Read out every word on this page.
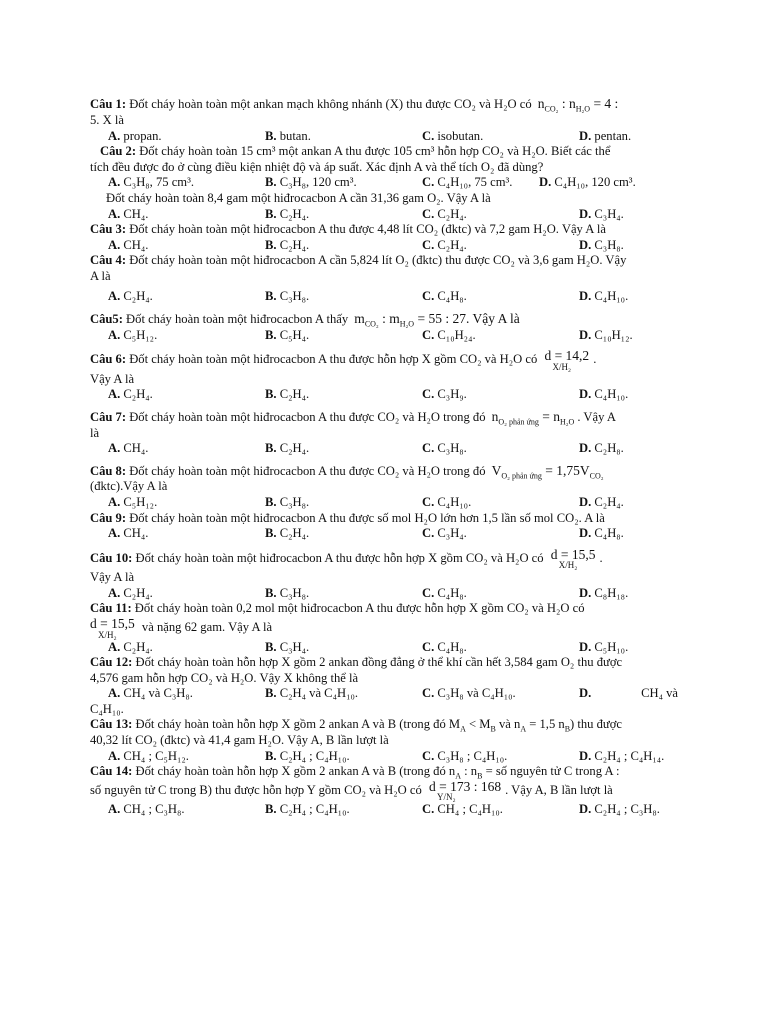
Câu 1: Đốt cháy hoàn toàn một ankan mạch không nhánh (X) thu được CO₂ và H₂O có $n_{CO_2}$ : $n_{H_2O} = 4$ :
5. X là
A. propan.	B. butan.	C. isobutan.	D. pentan.
Câu 2: Đốt cháy hoàn toàn 15 cm³ một ankan A thu được 105 cm³ hỗn hợp CO₂ và H₂O. Biết các thể
tích đều được đo ở cùng điều kiện nhiệt độ và áp suất. Xác định A và thể tích O₂ đã dùng?
A. C₃H₈, 75 cm³.	B. C₃H₈, 120 cm³.	C. C₄H₁₀, 75 cm³.	D. C₄H₁₀, 120 cm³.
Đốt cháy hoàn toàn 8,4 gam một hiđrocacbon A cần 31,36 gam O₂. Vậy A là
A. CH₄.	B. C₂H₄.	C. C₂H₄.	D. C₃H₄.
Câu 3: Đốt cháy hoàn toàn một hiđrocacbon A thu được 4,48 lít CO₂ (đktc) và 7,2 gam H₂O. Vậy A là
A. CH₄.	B. C₂H₄.	C. C₂H₄.	D. C₃H₈.
Câu 4: Đốt cháy hoàn toàn một hiđrocacbon A cần 5,824 lít O₂ (đktc) thu được CO₂ và 3,6 gam H₂O. Vậy
A là
A. C₂H₄.	B. C₃H₈.	C. C₄H₈.	D. C₄H₁₀.
Câu5: Đốt cháy hoàn toàn một hiđrocacbon A thấy $m_{CO_2}$ : $m_{H_2O} = 55$ : 27. Vậy A là
A. C₅H₁₂.	B. C₅H₄.	C. C₁₀H₂₄.	D. C₁₀H₁₂.
Câu 6: Đốt cháy hoàn toàn một hiđrocacbon A thu được hỗn hợp X gồm CO₂ và H₂O có d = 14,2
X/H₂
.
Vậy A là
A. C₂H₄.	B. C₂H₄.	C. C₃H₉.	D. C₄H₁₀.
Câu 7: Đốt cháy hoàn toàn một hiđrocacbon A thu được CO₂ và H₂O trong đó $n_{O_2 phản ứng} = n_{H_2O}$ . Vậy A
là
A. CH₄.	B. C₂H₄.	C. C₃H₈.	D. C₂H₈.
Câu 8: Đốt cháy hoàn toàn một hiđrocacbon A thu được CO₂ và H₂O trong đó $V_{O_2 phản ứng} = 1,75V_{CO_2}$
(đktc).Vậy A là
A. C₅H₁₂.	B. C₃H₈.	C. C₄H₁₀.	D. C₂H₄.
Câu 9: Đốt cháy hoàn toàn một hiđrocacbon A thu được số mol H₂O lớn hơn 1,5 lần số mol CO₂. A là
A. CH₄.	B. C₂H₄.	C. C₃H₄.	D. C₄H₈.
Câu 10: Đốt cháy hoàn toàn một hiđrocacbon A thu được hỗn hợp X gồm CO₂ và H₂O có d = 15,5
X/H₂
.
Vậy A là
A. C₂H₄.	B. C₃H₈.	C. C₄H₈.	D. C₈H₁₈.
Câu 11: Đốt cháy hoàn toàn 0,2 mol một hiđrocacbon A thu được hỗn hợp X gồm CO₂ và H₂O có
d = 15,5
X/H₂
và nặng 62 gam. Vậy A là
A. C₂H₄.	B. C₃H₄.	C. C₄H₈.	D. C₅H₁₀.
Câu 12: Đốt cháy hoàn toàn hỗn hợp X gồm 2 ankan đồng đẳng ở thể khí cần hết 3,584 gam O₂ thu được
4,576 gam hỗn hợp CO₂ và H₂O. Vậy X không thể là
A. CH₄ và C₃H₈.	B. C₂H₄ và C₄H₁₀.	C. C₃H₈ và C₄H₁₀.	D.	CH₄ và
C₄H₁₀.
Câu 13: Đốt cháy hoàn toàn hỗn hợp X gồm 2 ankan A và B (trong đó $M_A < M_B$ và $n_A = 1,5$ $n_B$) thu được
40,32 lít CO₂ (đktc) và 41,4 gam H₂O. Vậy A, B lần lượt là
A. CH₄ ; C₅H₁₂.	B. C₂H₄ ; C₄H₁₀.	C. C₃H₈ ; C₄H₁₀.	D. C₂H₄ ; C₄H₁₄.
Câu 14: Đốt cháy hoàn toàn hỗn hợp X gồm 2 ankan A và B (trong đó $n_A$ : $n_B$ = số nguyên tử C trong A :
số nguyên tử C trong B) thu được hỗn hợp Y gồm CO₂ và H₂O có d = 173 : 168
Y/N₂
. Vậy A, B lần lượt là
A. CH₄ ; C₃H₈.	B. C₂H₄ ; C₄H₁₀.	C. CH₄ ; C₄H₁₀.	D. C₂H₄ ; C₃H₈.
